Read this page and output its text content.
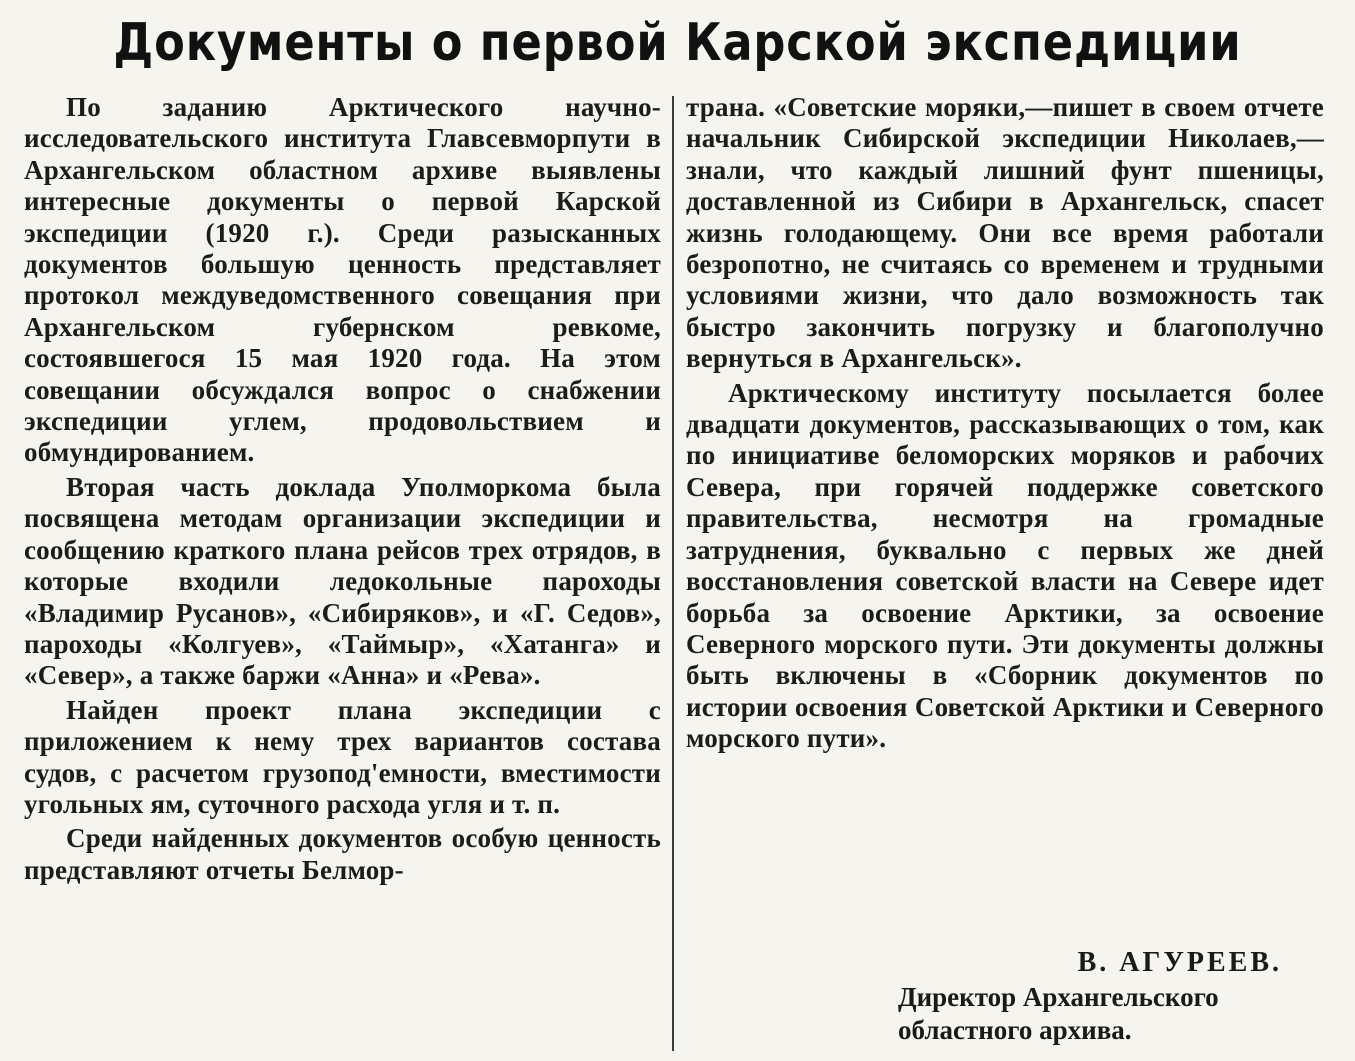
Документы о первой Карской экспедиции

По заданию Арктического научно-исследовательского института Главсевморпути в Архангельском областном архиве выявлены интересные документы о первой Карской экспедиции (1920 г.). Среди разысканных документов большую ценность представляет протокол междуведомственного совещания при Архангельском губернском ревкоме, состоявшегося 15 мая 1920 года. На этом совещании обсуждался вопрос о снабжении экспедиции углем, продовольствием и обмундированием.

Вторая часть доклада Уполморкома была посвящена методам организации экспедиции и сообщению краткого плана рейсов трех отрядов, в которые входили ледокольные пароходы «Владимир Русанов», «Сибиряков», и «Г. Седов», пароходы «Колгуев», «Таймыр», «Хатанга» и «Север», а также баржи «Анна» и «Рева».

Найден проект плана экспедиции с приложением к нему трех вариантов состава судов, с расчетом грузопод'емности, вместимости угольных ям, суточного расхода угля и т. п.

Среди найденных документов особую ценность представляют отчеты Белмор-

трана. «Советские моряки,—пишет в своем отчете начальник Сибирской экспедиции Николаев,—знали, что каждый лишний фунт пшеницы, доставленной из Сибири в Архангельск, спасет жизнь голодающему. Они все время работали безропотно, не считаясь со временем и трудными условиями жизни, что дало возможность так быстро закончить погрузку и благополучно вернуться в Архангельск».

Арктическому институту посылается более двадцати документов, рассказывающих о том, как по инициативе беломорских моряков и рабочих Севера, при горячей поддержке советского правительства, несмотря на громадные затруднения, буквально с первых же дней восстановления советской власти на Севере идет борьба за освоение Арктики, за освоение Северного морского пути. Эти документы должны быть включены в «Сборник документов по истории освоения Советской Арктики и Северного морского пути».

В. АГУРЕЕВ.
Директор Архангельского
областного архива.
